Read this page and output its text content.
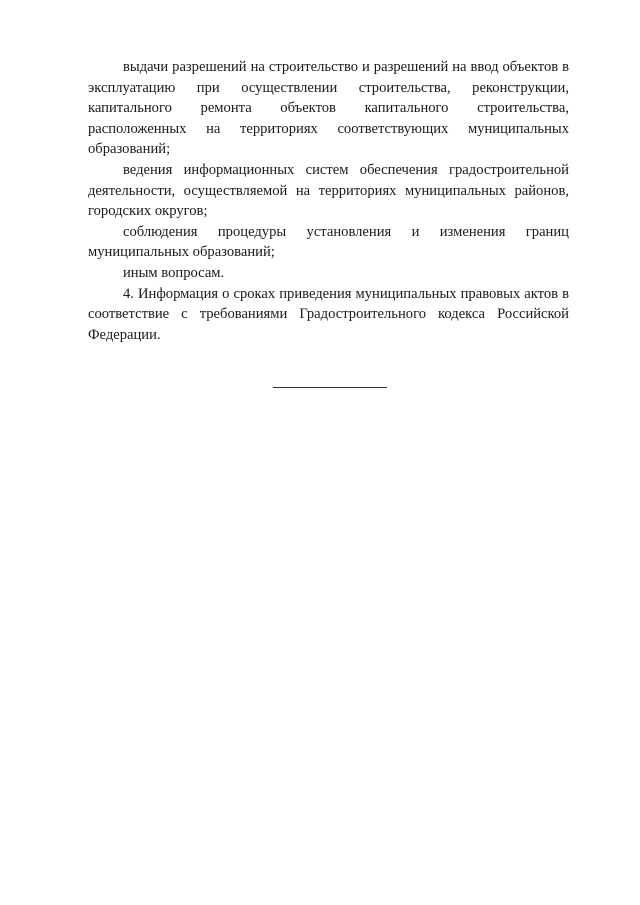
выдачи разрешений на строительство и разрешений на ввод объектов в эксплуатацию при осуществлении строительства, реконструкции, капитального ремонта объектов капитального строительства, расположенных на территориях соответствующих муниципальных образований;

ведения информационных систем обеспечения градостроительной деятельности, осуществляемой на территориях муниципальных районов, городских округов;

соблюдения процедуры установления и изменения границ муниципальных образований;

иным вопросам.

4. Информация о сроках приведения муниципальных правовых актов в соответствие с требованиями Градостроительного кодекса Российской Федерации.
